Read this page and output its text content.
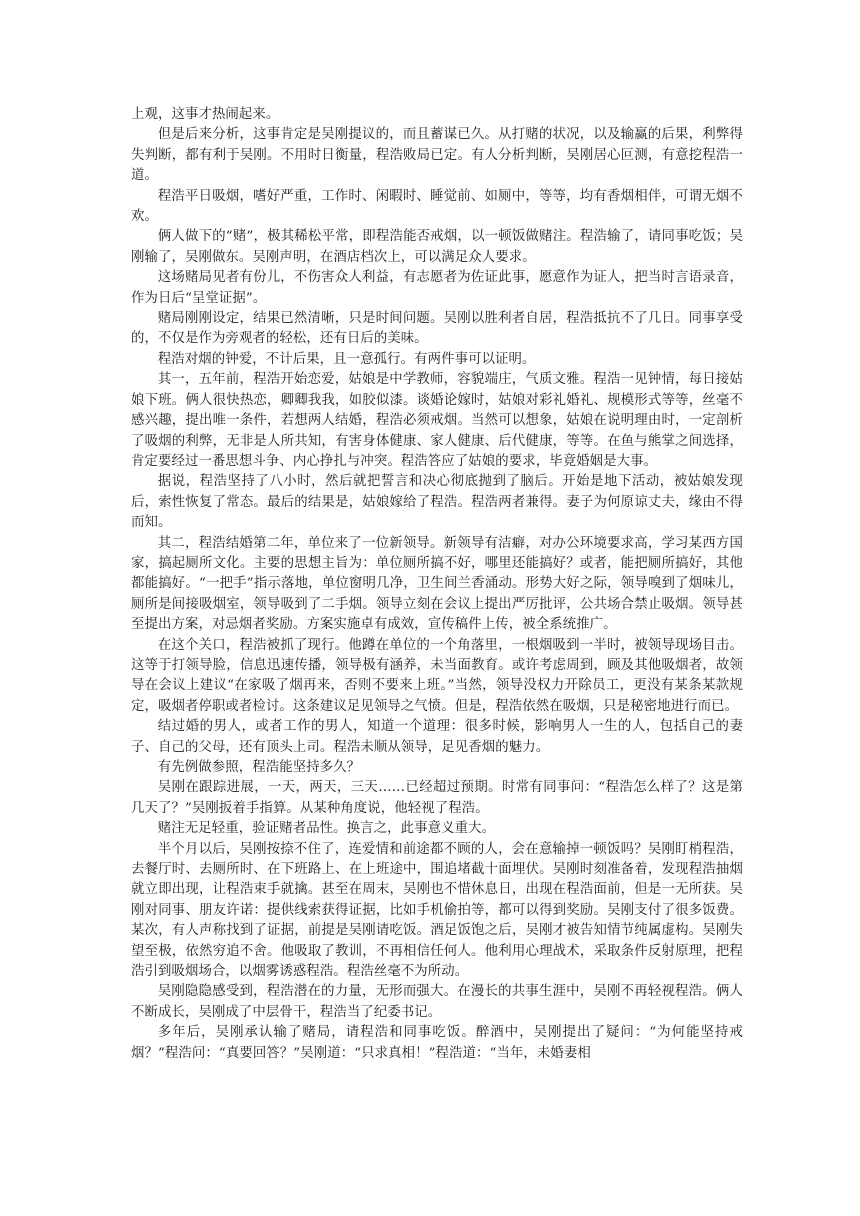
上观，这事才热闹起来。

但是后来分析，这事肯定是吴刚提议的，而且蓄谋已久。从打赌的状况，以及输赢的后果，利弊得失判断，都有利于吴刚。不用时日衡量，程浩败局已定。有人分析判断，吴刚居心叵测，有意挖程浩一道。

程浩平日吸烟，嗜好严重，工作时、闲暇时、睡觉前、如厕中，等等，均有香烟相伴，可谓无烟不欢。

俩人做下的“赌”，极其稀松平常，即程浩能否戒烟，以一顿饭做赌注。程浩输了，请同事吃饭；吴刚输了，吴刚做东。吴刚声明，在酒店档次上，可以满足众人要求。

这场赌局见者有份儿，不伤害众人利益，有志愿者为佐证此事，愿意作为证人，把当时言语录音，作为日后“呈堂证据”。

赌局刚刚设定，结果已然清晰，只是时间问题。吴刚以胜利者自居，程浩抵抗不了几日。同事享受的，不仅是作为旁观者的轻松，还有日后的美味。

程浩对烟的钟爱，不计后果，且一意孤行。有两件事可以证明。

其一，五年前，程浩开始恋爱，姑娘是中学教师，容貌端庄，气质文雅。程浩一见钟情，每日接姑娘下班。俩人很快热恋，卿卿我我，如胶似漆。谈婚论嫁时，姑娘对彩礼婚礼、规模形式等等，丝毫不感兴趣，提出唯一条件，若想两人结婚，程浩必须戒烟。当然可以想象，姑娘在说明理由时，一定剖析了吸烟的利弊，无非是人所共知，有害身体健康、家人健康、后代健康，等等。在鱼与熊掌之间选择，肯定要经过一番思想斗争、内心挣扎与冲突。程浩答应了姑娘的要求，毕竟婚姻是大事。

据说，程浩坚持了八小时，然后就把誓言和决心彻底抛到了脑后。开始是地下活动，被姑娘发现后，索性恢复了常态。最后的结果是，姑娘嫁给了程浩。程浩两者兼得。妻子为何原谅丈夫，缘由不得而知。

其二，程浩结婚第二年，单位来了一位新领导。新领导有洁癖，对办公环境要求高，学习某西方国家，搞起厕所文化。主要的思想主旨为：单位厕所搞不好，哪里还能搞好？或者，能把厕所搞好，其他都能搞好。“一把手”指示落地，单位窗明几净，卫生间兰香涌动。形势大好之际，领导嗅到了烟味儿，厕所是间接吸烟室，领导吸到了二手烟。领导立刻在会议上提出严厉批评，公共场合禁止吸烟。领导甚至提出方案，对忌烟者奖励。方案实施卓有成效，宣传稿件上传，被全系统推广。

在这个关口，程浩被抓了现行。他蹲在单位的一个角落里，一根烟吸到一半时，被领导现场目击。这等于打领导脸，信息迅速传播，领导极有涵养，未当面教育。或许考虑周到，顾及其他吸烟者，故领导在会议上建议“在家吸了烟再来，否则不要来上班。”当然，领导没权力开除员工，更没有某条某款规定，吸烟者停职或者检讨。这条建议足见领导之气愤。但是，程浩依然在吸烟，只是秘密地进行而已。

结过婚的男人，或者工作的男人，知道一个道理：很多时候，影响男人一生的人，包括自己的妻子、自己的父母，还有顶头上司。程浩未顺从领导，足见香烟的魅力。

有先例做参照，程浩能坚持多久？

吴刚在跟踪进展，一天，两天，三天……已经超过预期。时常有同事问：“程浩怎么样了？这是第几天了？”吴刚扳着手指算。从某种角度说，他轻视了程浩。

赌注无足轻重，验证赌者品性。换言之，此事意义重大。

半个月以后，吴刚按捺不住了，连爱情和前途都不顾的人，会在意输掉一顿饭吗？吴刚盯梢程浩，去餐厅时、去厕所时、在下班路上、在上班途中，围追堵截十面埋伏。吴刚时刻准备着，发现程浩抽烟就立即出现，让程浩束手就擒。甚至在周末，吴刚也不惜休息日，出现在程浩面前，但是一无所获。吴刚对同事、朋友许诺：提供线索获得证据，比如手机偷拍等，都可以得到奖励。吴刚支付了很多饭费。某次，有人声称找到了证据，前提是吴刚请吃饭。酒足饭饱之后，吴刚才被告知情节纯属虚构。吴刚失望至极，依然穷追不舍。他吸取了教训，不再相信任何人。他利用心理战术，采取条件反射原理，把程浩引到吸烟场合，以烟雾诱惑程浩。程浩丝毫不为所动。

吴刚隐隐感受到，程浩潜在的力量，无形而强大。在漫长的共事生涯中，吴刚不再轻视程浩。俩人不断成长，吴刚成了中层骨干，程浩当了纪委书记。

多年后，吴刚承认输了赌局，请程浩和同事吃饭。醉酒中，吴刚提出了疑问：“为何能坚持戒烟？”程浩问：“真要回答？”吴刚道：“只求真相！”程浩道：“当年，未婚妻相
